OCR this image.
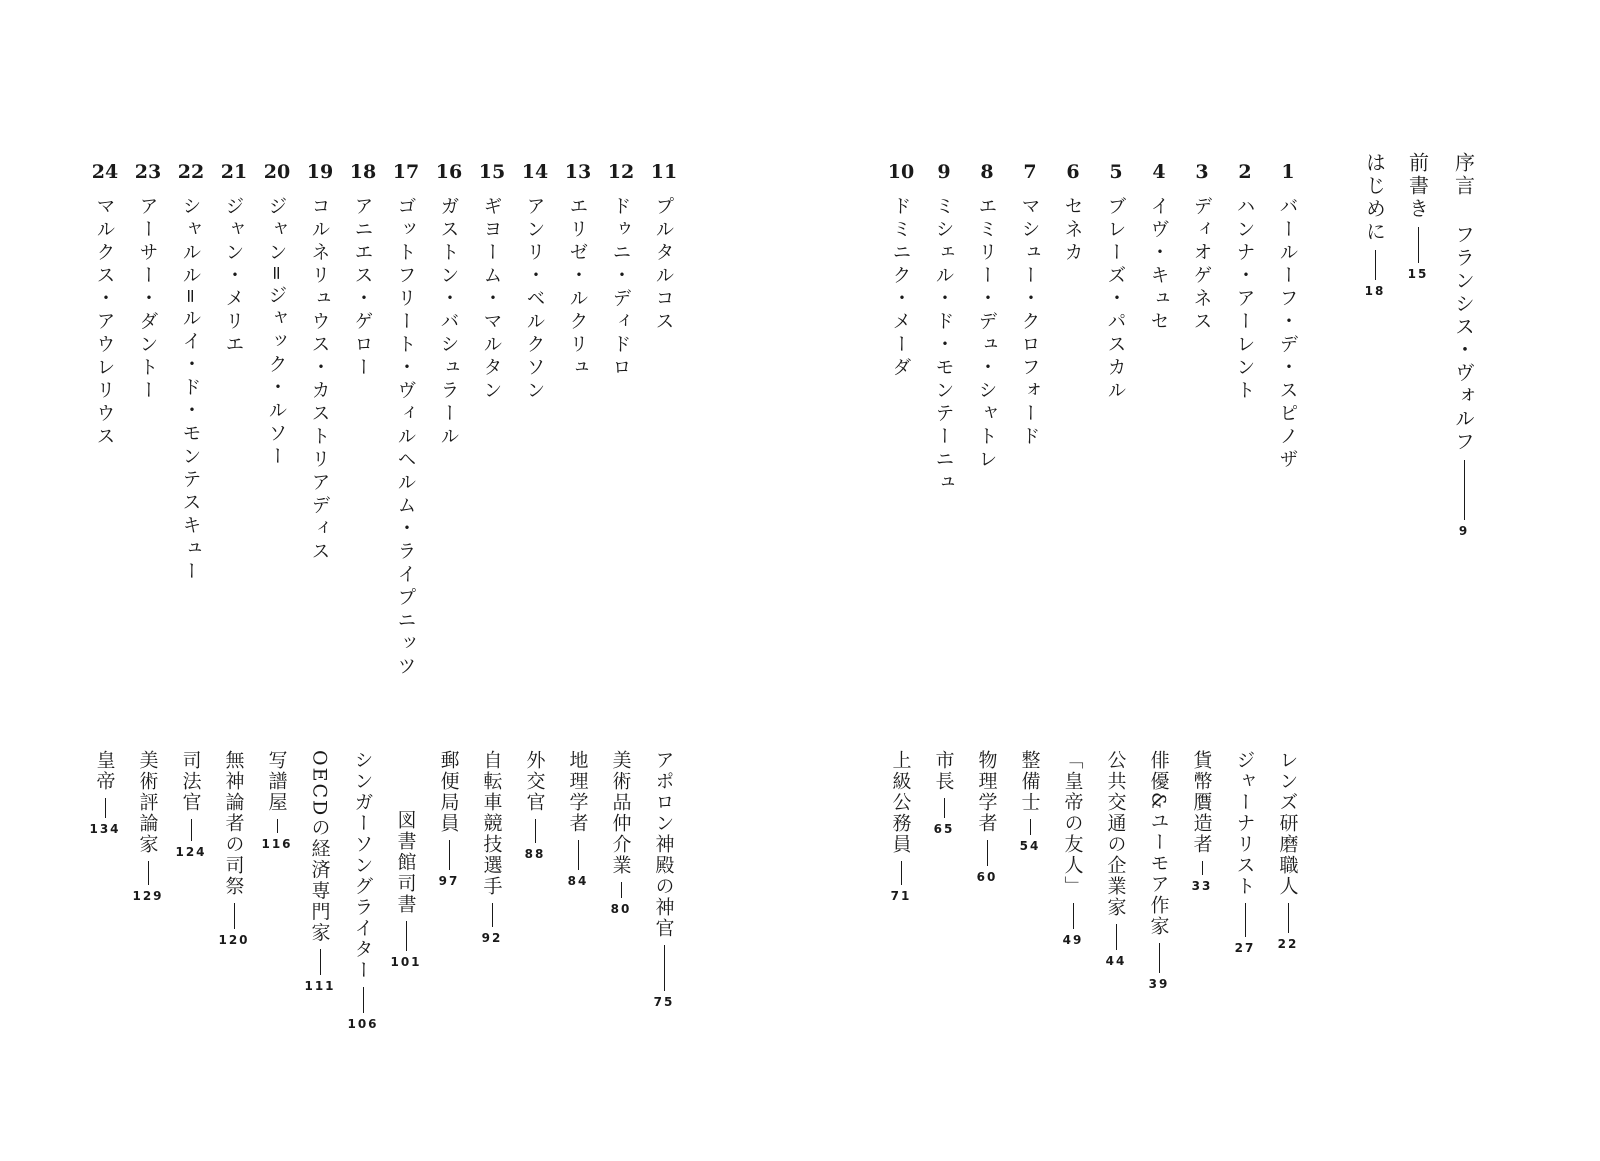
11
プルタルコス
アポロン神殿の神官
75
12
ドゥニ・ディドロ
美術品仲介業
80
13
エリゼ・ルクリュ
地理学者
84
14
アンリ・ベルクソン
外交官
88
15
ギヨーム・マルタン
自転車競技選手
92
16
ガストン・バシュラール
郵便局員
97
17
ゴットフリート・ヴィルヘルム・ライプニッツ
図書館司書
101
18
アニエス・ゲロー
シンガーソングライター
106
19
コルネリュウス・カストリアディス
OECDの経済専門家
111
20
ジャン=ジャック・ルソー
写譜屋
116
21
ジャン・メリエ
無神論者の司祭
120
22
シャルル=ルイ・ド・モンテスキュー
司法官
124
23
アーサー・ダントー
美術評論家
129
24
マルクス・アウレリウス
皇帝
134
序言
フランシス・ヴォルフ
9
前書き
15
はじめに
18
1
バールーフ・デ・スピノザ
レンズ研磨職人
22
2
ハンナ・アーレント
ジャーナリスト
27
3
ディオゲネス
貨幣贋造者
33
4
イヴ・キュセ
俳優&ユーモア作家
39
5
ブレーズ・パスカル
公共交通の企業家
44
6
セネカ
「皇帝の友人」
49
7
マシュー・クロフォード
整備士
54
8
エミリー・デュ・シャトレ
物理学者
60
9
ミシェル・ド・モンテーニュ
市長
65
10
ドミニク・メーダ
上級公務員
71
